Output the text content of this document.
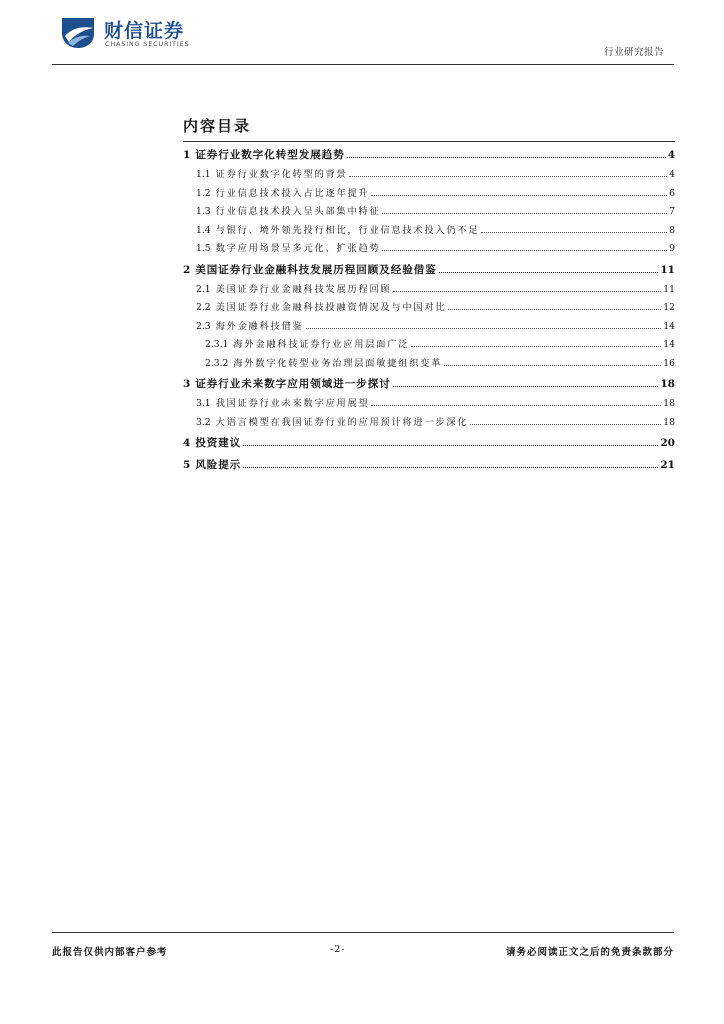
财信证券
CHASING SECURITIES
行业研究报告
内容目录
1 证券行业数字化转型发展趋势	4
1.1 证券行业数字化转型的背景	4
1.2 行业信息技术投入占比逐年提升	6
1.3 行业信息技术投入呈头部集中特征	7
1.4 与银行、境外领先投行相比，行业信息技术投入仍不足	8
1.5 数字应用场景呈多元化、扩张趋势	9
2 美国证券行业金融科技发展历程回顾及经验借鉴	11
2.1 美国证券行业金融科技发展历程回顾	11
2.2 美国证券行业金融科技投融资情况及与中国对比	12
2.3 海外金融科技借鉴	14
2.3.1 海外金融科技证券行业应用层面广泛	14
2.3.2 海外数字化转型业务治理层面敏捷组织变革	16
3 证券行业未来数字应用领域进一步探讨	18
3.1 我国证券行业未来数字应用展望	18
3.2 大语言模型在我国证券行业的应用预计将进一步深化	18
4 投资建议	20
5 风险提示	21
此报告仅供内部客户参考	-2-	请务必阅读正文之后的免责条款部分
